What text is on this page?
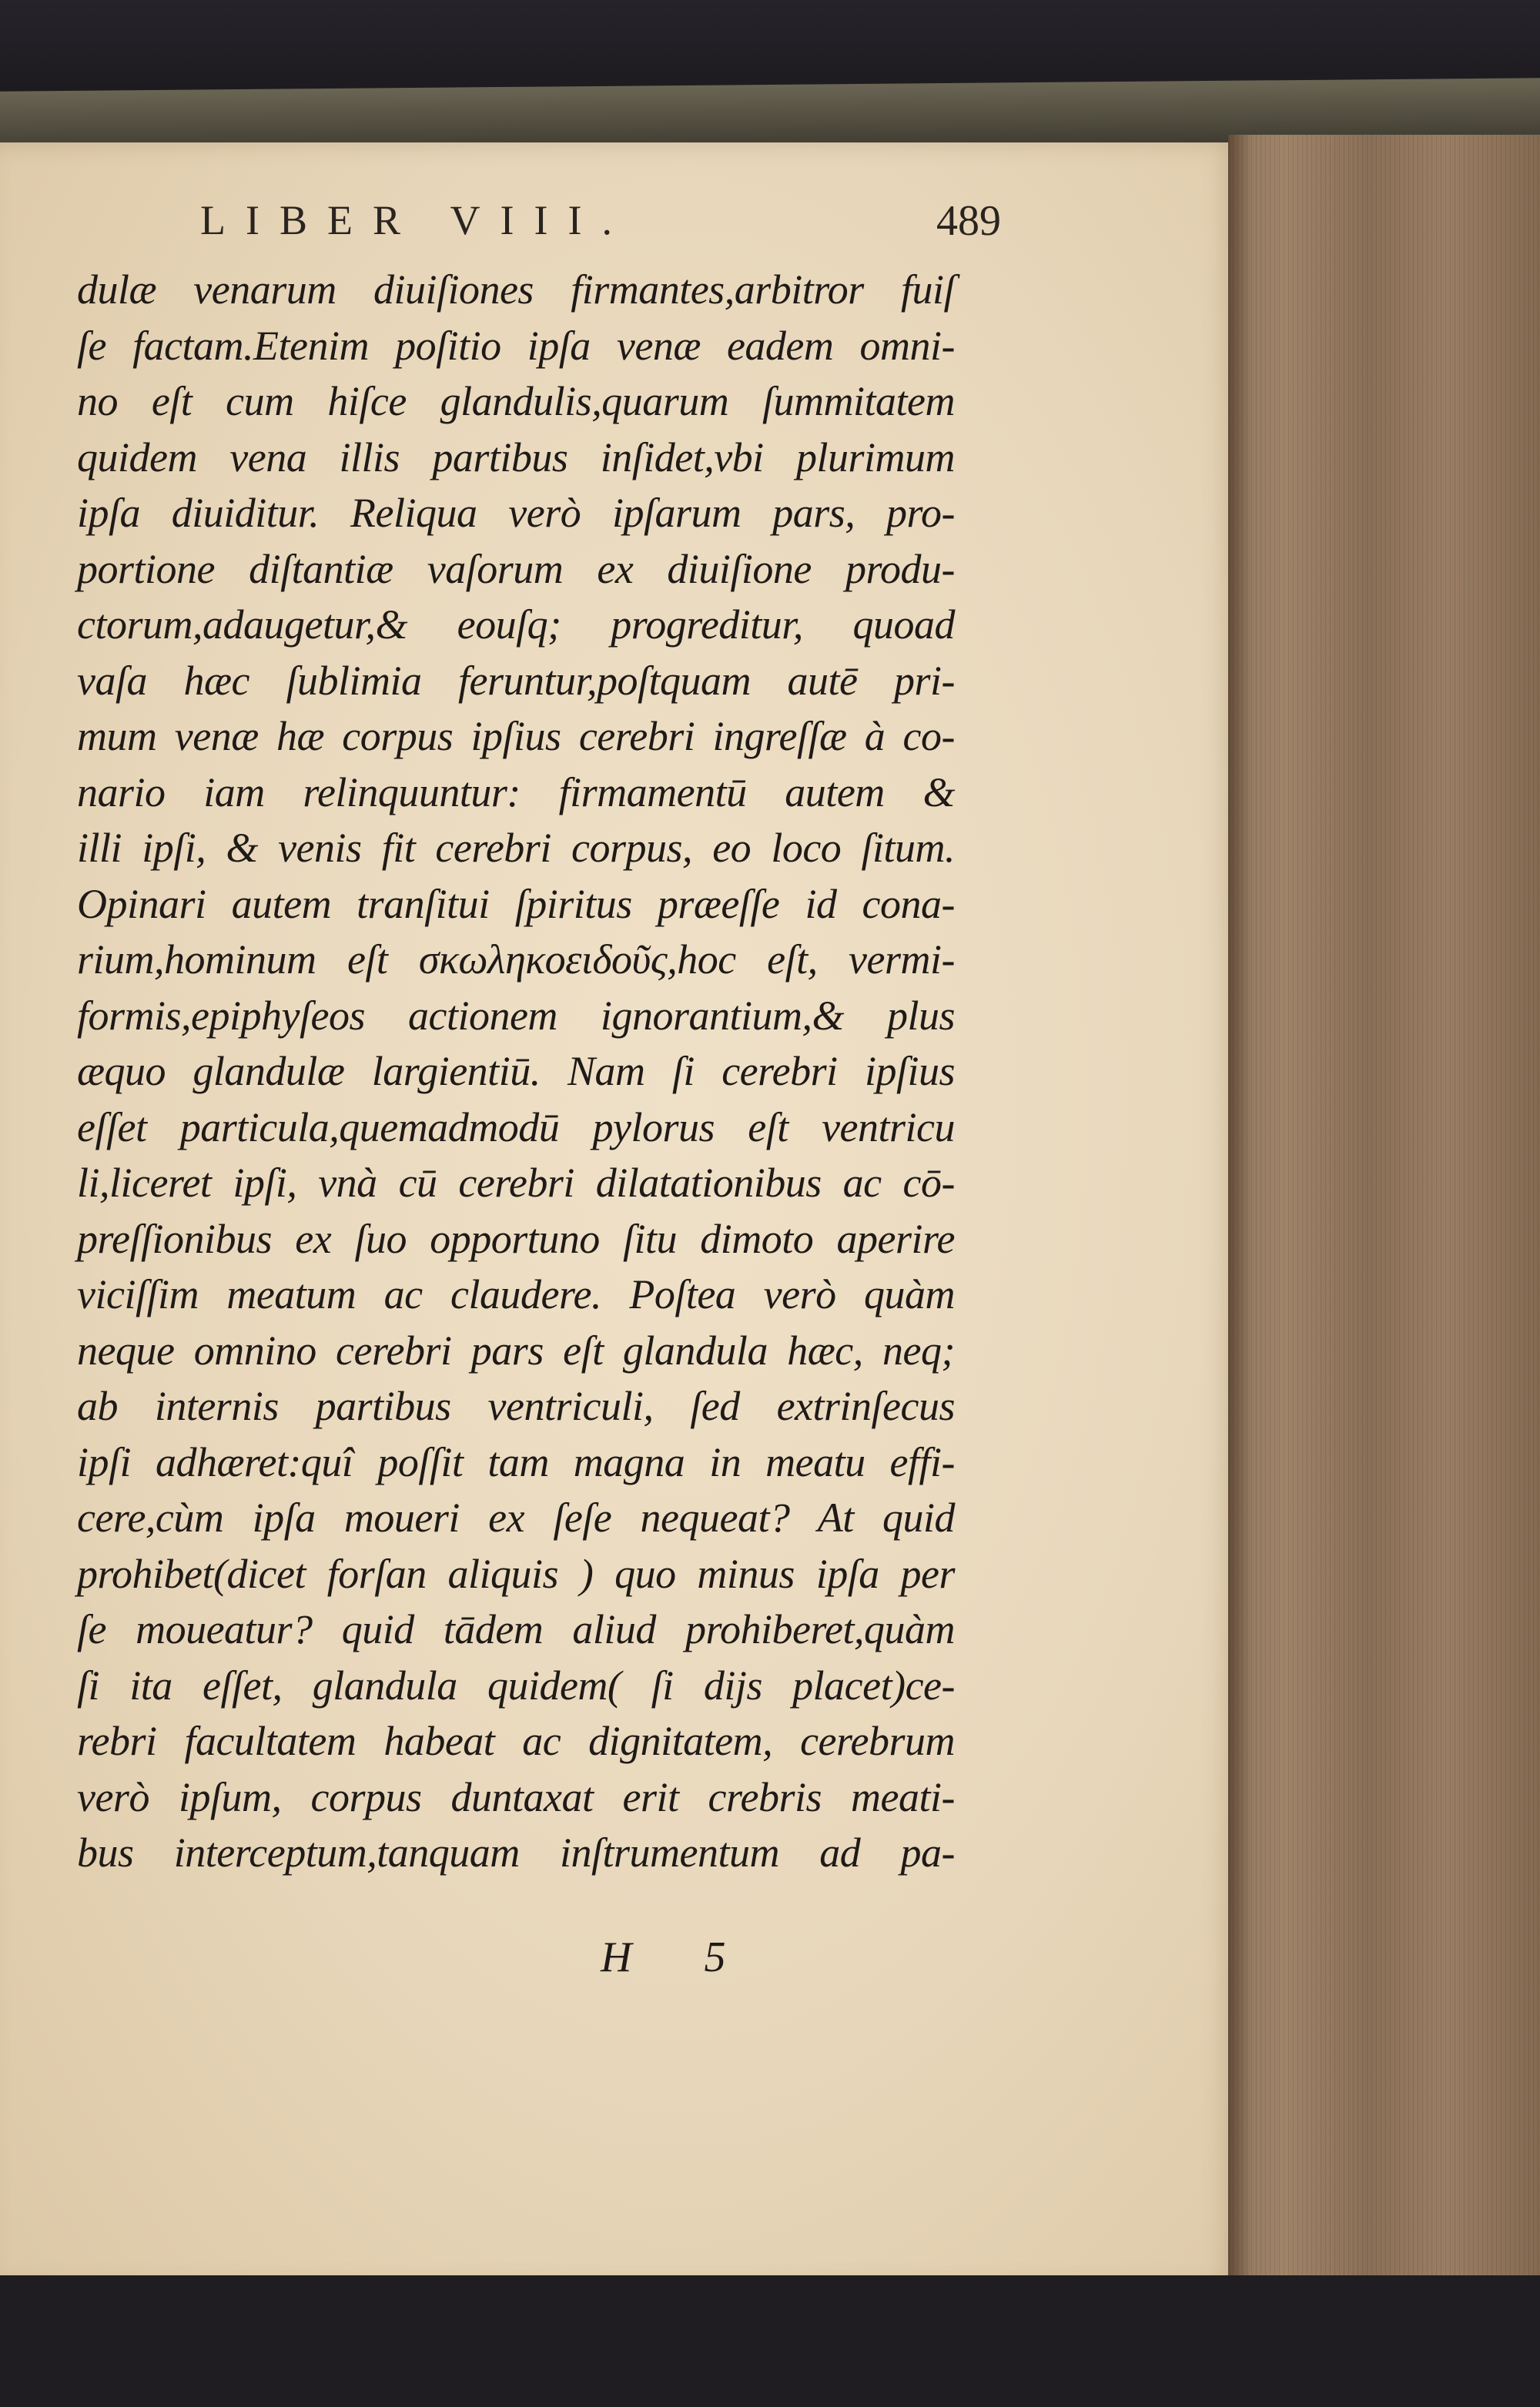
LIBER VIII.	489
dulæ venarum diuiſiones firmantes,arbitror fuiſ
ſe factam.Etenim poſitio ipſa venæ eadem omni-
no eſt cum hiſce glandulis,quarum ſummitatem
quidem vena illis partibus inſidet,vbi plurimum
ipſa diuiditur. Reliqua verò ipſarum pars, pro-
portione diſtantiæ vaſorum ex diuiſione produ-
ctorum,adaugetur,& eouſq; progreditur, quoad
vaſa hæc ſublimia feruntur,poſtquam autē pri-
mum venæ hæ corpus ipſius cerebri ingreſſæ à co-
nario iam relinquuntur: firmamentū autem &
illi ipſi, & venis fit cerebri corpus, eo loco ſitum.
Opinari autem tranſitui ſpiritus præeſſe id cona-
rium,hominum eſt σκωληκοειδοῦς,hoc eſt, vermi-
formis,epiphyſeos actionem ignorantium,& plus
æquo glandulæ largientiū. Nam ſi cerebri ipſius
eſſet particula,quemadmodū pylorus eſt ventricu
li,liceret ipſi, vnà cū cerebri dilatationibus ac cō-
preſſionibus ex ſuo opportuno ſitu dimoto aperire
viciſſim meatum ac claudere. Poſtea verò quàm
neque omnino cerebri pars eſt glandula hæc, neq;
ab internis partibus ventriculi, ſed extrinſecus
ipſi adhæret:quî poſſit tam magna in meatu effi-
cere,cùm ipſa moueri ex ſeſe nequeat? At quid
prohibet(dicet forſan aliquis ) quo minus ipſa per
ſe moueatur? quid tādem aliud prohiberet,quàm
ſi ita eſſet, glandula quidem( ſi dijs placet)ce-
rebri facultatem habeat ac dignitatem, cerebrum
verò ipſum, corpus duntaxat erit crebris meati-
bus interceptum,tanquam inſtrumentum ad pa-
H 5
